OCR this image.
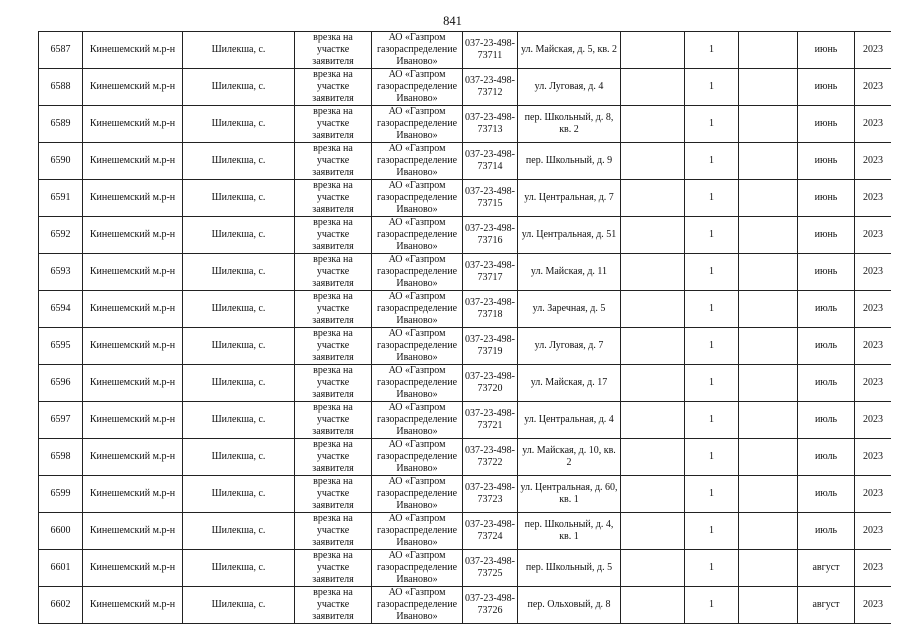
841
6587	Кинешемский м.р-н	Шилекша, с.	врезка на участке заявителя	АО «Газпром газораспределение Иваново»	037-23-498-73711	ул. Майская, д. 5, кв. 2		1		июнь	2023
6588	Кинешемский м.р-н	Шилекша, с.	врезка на участке заявителя	АО «Газпром газораспределение Иваново»	037-23-498-73712	ул. Луговая, д. 4		1		июнь	2023
6589	Кинешемский м.р-н	Шилекша, с.	врезка на участке заявителя	АО «Газпром газораспределение Иваново»	037-23-498-73713	пер. Школьный, д. 8, кв. 2		1		июнь	2023
6590	Кинешемский м.р-н	Шилекша, с.	врезка на участке заявителя	АО «Газпром газораспределение Иваново»	037-23-498-73714	пер. Школьный, д. 9		1		июнь	2023
6591	Кинешемский м.р-н	Шилекша, с.	врезка на участке заявителя	АО «Газпром газораспределение Иваново»	037-23-498-73715	ул. Центральная, д. 7		1		июнь	2023
6592	Кинешемский м.р-н	Шилекша, с.	врезка на участке заявителя	АО «Газпром газораспределение Иваново»	037-23-498-73716	ул. Центральная, д. 51		1		июнь	2023
6593	Кинешемский м.р-н	Шилекша, с.	врезка на участке заявителя	АО «Газпром газораспределение Иваново»	037-23-498-73717	ул. Майская, д. 11		1		июнь	2023
6594	Кинешемский м.р-н	Шилекша, с.	врезка на участке заявителя	АО «Газпром газораспределение Иваново»	037-23-498-73718	ул. Заречная, д. 5		1		июль	2023
6595	Кинешемский м.р-н	Шилекша, с.	врезка на участке заявителя	АО «Газпром газораспределение Иваново»	037-23-498-73719	ул. Луговая, д. 7		1		июль	2023
6596	Кинешемский м.р-н	Шилекша, с.	врезка на участке заявителя	АО «Газпром газораспределение Иваново»	037-23-498-73720	ул. Майская, д. 17		1		июль	2023
6597	Кинешемский м.р-н	Шилекша, с.	врезка на участке заявителя	АО «Газпром газораспределение Иваново»	037-23-498-73721	ул. Центральная, д. 4		1		июль	2023
6598	Кинешемский м.р-н	Шилекша, с.	врезка на участке заявителя	АО «Газпром газораспределение Иваново»	037-23-498-73722	ул. Майская, д. 10, кв. 2		1		июль	2023
6599	Кинешемский м.р-н	Шилекша, с.	врезка на участке заявителя	АО «Газпром газораспределение Иваново»	037-23-498-73723	ул. Центральная, д. 60, кв. 1		1		июль	2023
6600	Кинешемский м.р-н	Шилекша, с.	врезка на участке заявителя	АО «Газпром газораспределение Иваново»	037-23-498-73724	пер. Школьный, д. 4, кв. 1		1		июль	2023
6601	Кинешемский м.р-н	Шилекша, с.	врезка на участке заявителя	АО «Газпром газораспределение Иваново»	037-23-498-73725	пер. Школьный, д. 5		1		август	2023
6602	Кинешемский м.р-н	Шилекша, с.	врезка на участке заявителя	АО «Газпром газораспределение Иваново»	037-23-498-73726	пер. Ольховый, д. 8		1		август	2023
